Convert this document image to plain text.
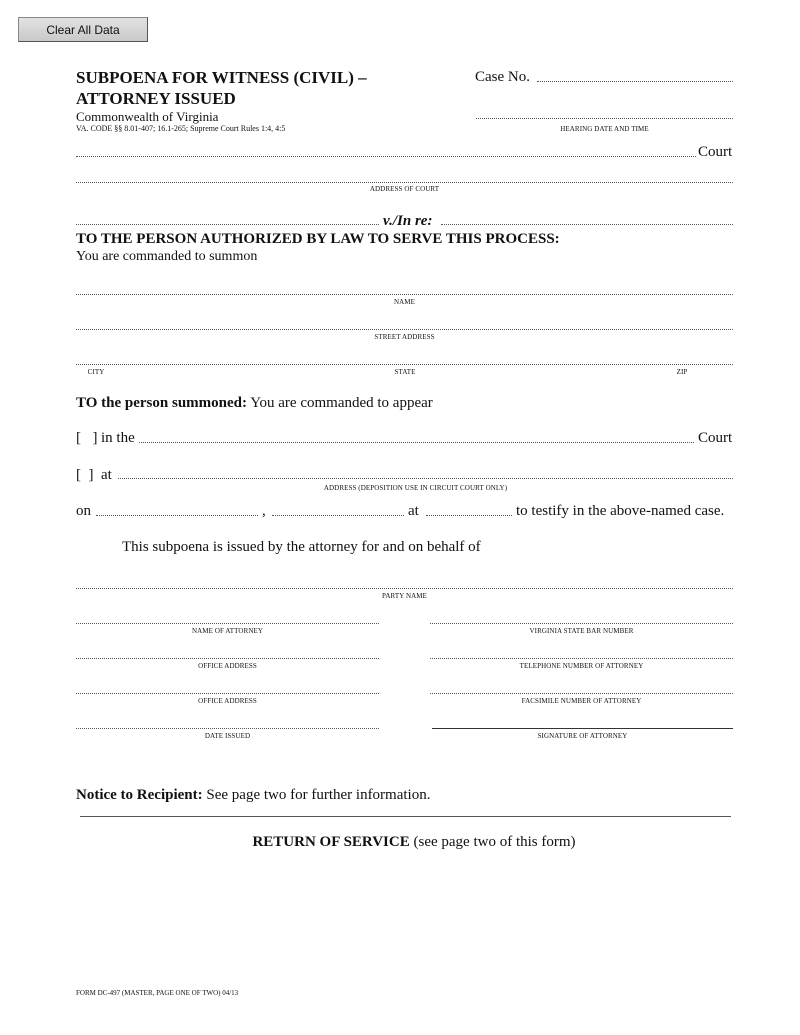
Clear All Data
SUBPOENA FOR WITNESS (CIVIL) –
ATTORNEY ISSUED
Commonwealth of Virginia
VA. CODE §§ 8.01-407; 16.1-265; Supreme Court Rules 1:4, 4:5
Case No.
HEARING DATE AND TIME
Court
ADDRESS OF COURT
v./In re:
TO THE PERSON AUTHORIZED BY LAW TO SERVE THIS PROCESS:
You are commanded to summon
NAME
STREET ADDRESS
CITY	STATE	ZIP
TO the person summoned: You are commanded to appear
[  ] in the	Court
[  ] at
ADDRESS (DEPOSITION USE IN CIRCUIT COURT ONLY)
on	,	at	to testify in the above-named case.
This subpoena is issued by the attorney for and on behalf of
PARTY NAME
NAME OF ATTORNEY	VIRGINIA STATE BAR NUMBER
OFFICE ADDRESS	TELEPHONE NUMBER OF ATTORNEY
OFFICE ADDRESS	FACSIMILE NUMBER OF ATTORNEY
DATE ISSUED	SIGNATURE OF ATTORNEY
Notice to Recipient: See page two for further information.
RETURN OF SERVICE (see page two of this form)
FORM DC-497 (MASTER, PAGE ONE OF TWO) 04/13
